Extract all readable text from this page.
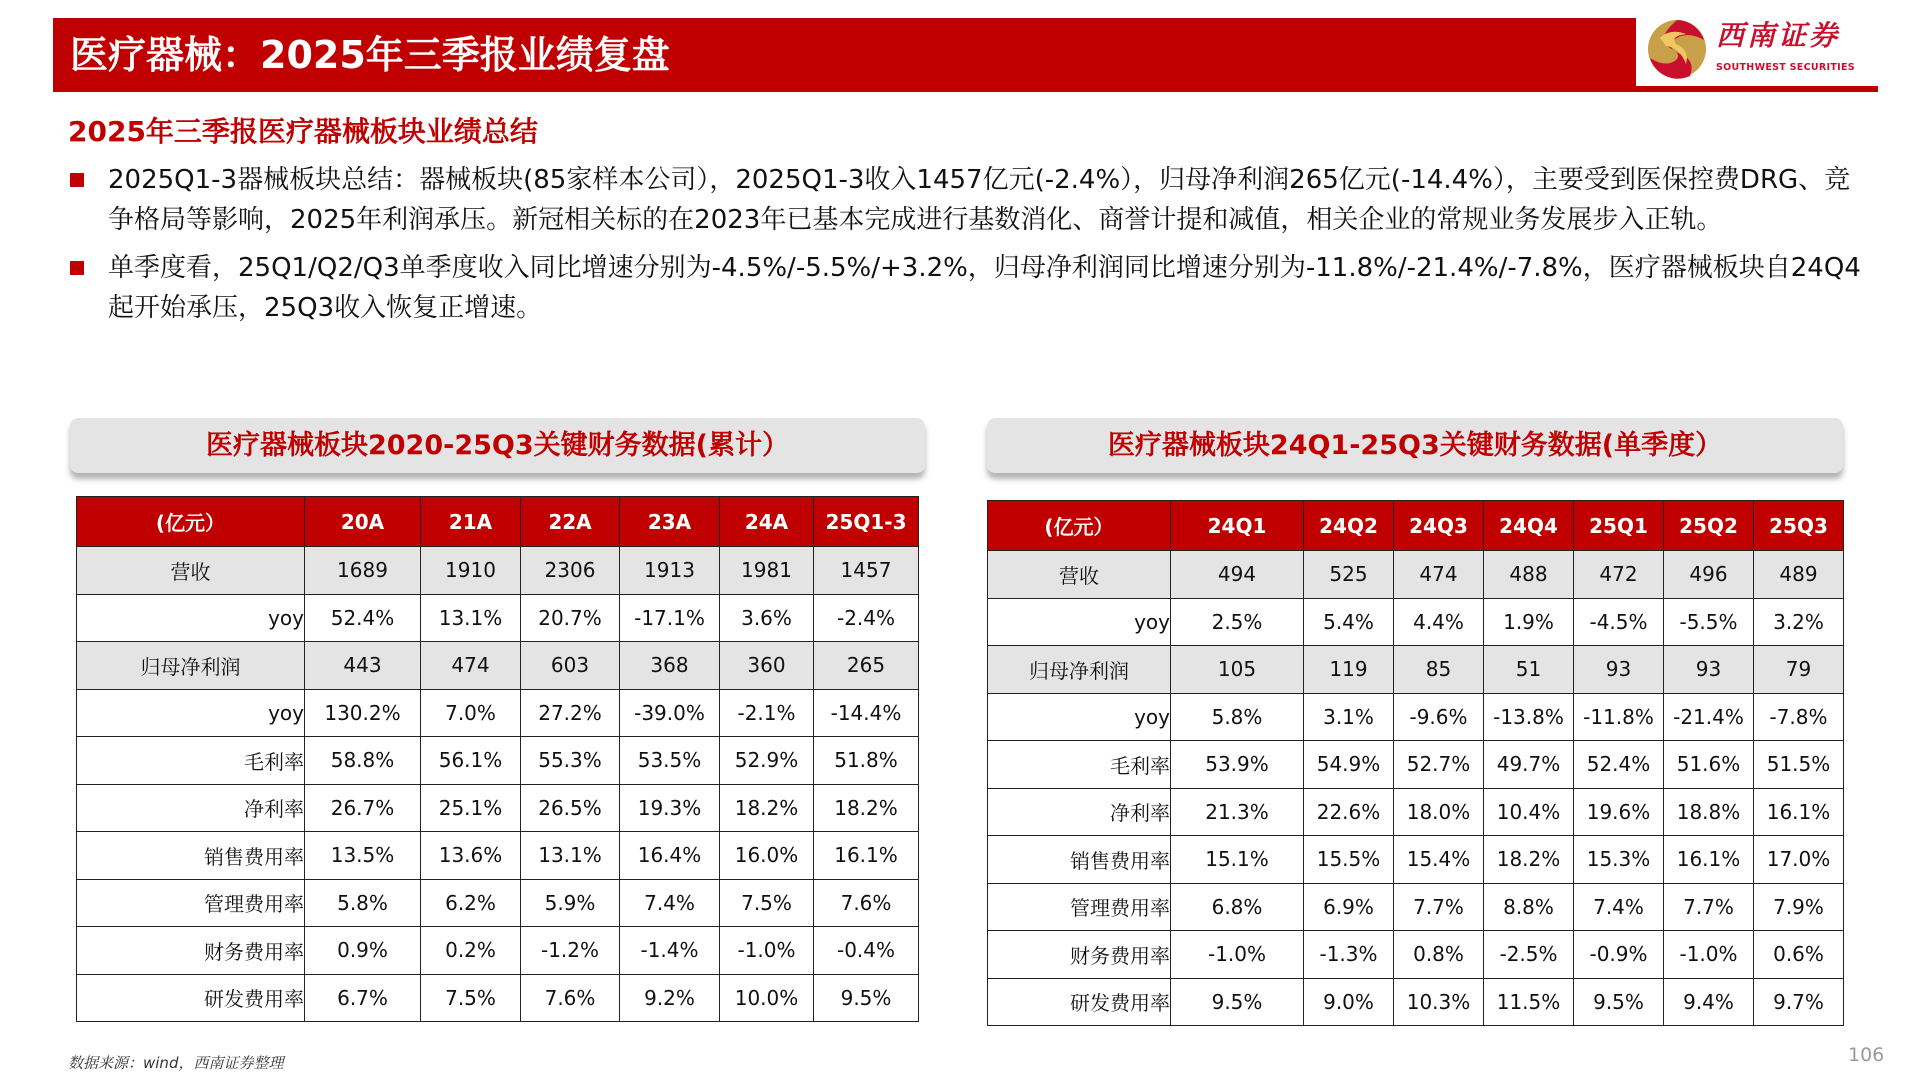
医疗器械：2025年三季报业绩复盘	西南证券
SOUTHWEST SECURITIES
2025年三季报医疗器械板块业绩总结
2025Q1-3器械板块总结：器械板块(85家样本公司），2025Q1-3收入1457亿元(-2.4%），归母净利润265亿元(-14.4%），主要受到医保控费DRG、竞争格局等影响，2025年利润承压。新冠相关标的在2023年已基本完成进行基数消化、商誉计提和减值，相关企业的常规业务发展步入正轨。
单季度看，25Q1/Q2/Q3单季度收入同比增速分别为-4.5%/-5.5%/+3.2%，归母净利润同比增速分别为-11.8%/-21.4%/-7.8%，医疗器械板块自24Q4起开始承压，25Q3收入恢复正增速。
医疗器械板块2020-25Q3关键财务数据(累计）	医疗器械板块24Q1-25Q3关键财务数据(单季度）
(亿元）	20A	21A	22A	23A	24A	25Q1-3
营收	1689	1910	2306	1913	1981	1457
yoy	52.4%	13.1%	20.7%	-17.1%	3.6%	-2.4%
归母净利润	443	474	603	368	360	265
yoy	130.2%	7.0%	27.2%	-39.0%	-2.1%	-14.4%
毛利率	58.8%	56.1%	55.3%	53.5%	52.9%	51.8%
净利率	26.7%	25.1%	26.5%	19.3%	18.2%	18.2%
销售费用率	13.5%	13.6%	13.1%	16.4%	16.0%	16.1%
管理费用率	5.8%	6.2%	5.9%	7.4%	7.5%	7.6%
财务费用率	0.9%	0.2%	-1.2%	-1.4%	-1.0%	-0.4%
研发费用率	6.7%	7.5%	7.6%	9.2%	10.0%	9.5%
(亿元）	24Q1	24Q2	24Q3	24Q4	25Q1	25Q2	25Q3
营收	494	525	474	488	472	496	489
yoy	2.5%	5.4%	4.4%	1.9%	-4.5%	-5.5%	3.2%
归母净利润	105	119	85	51	93	93	79
yoy	5.8%	3.1%	-9.6%	-13.8%	-11.8%	-21.4%	-7.8%
毛利率	53.9%	54.9%	52.7%	49.7%	52.4%	51.6%	51.5%
净利率	21.3%	22.6%	18.0%	10.4%	19.6%	18.8%	16.1%
销售费用率	15.1%	15.5%	15.4%	18.2%	15.3%	16.1%	17.0%
管理费用率	6.8%	6.9%	7.7%	8.8%	7.4%	7.7%	7.9%
财务费用率	-1.0%	-1.3%	0.8%	-2.5%	-0.9%	-1.0%	0.6%
研发费用率	9.5%	9.0%	10.3%	11.5%	9.5%	9.4%	9.7%
数据来源：wind，西南证券整理	106
